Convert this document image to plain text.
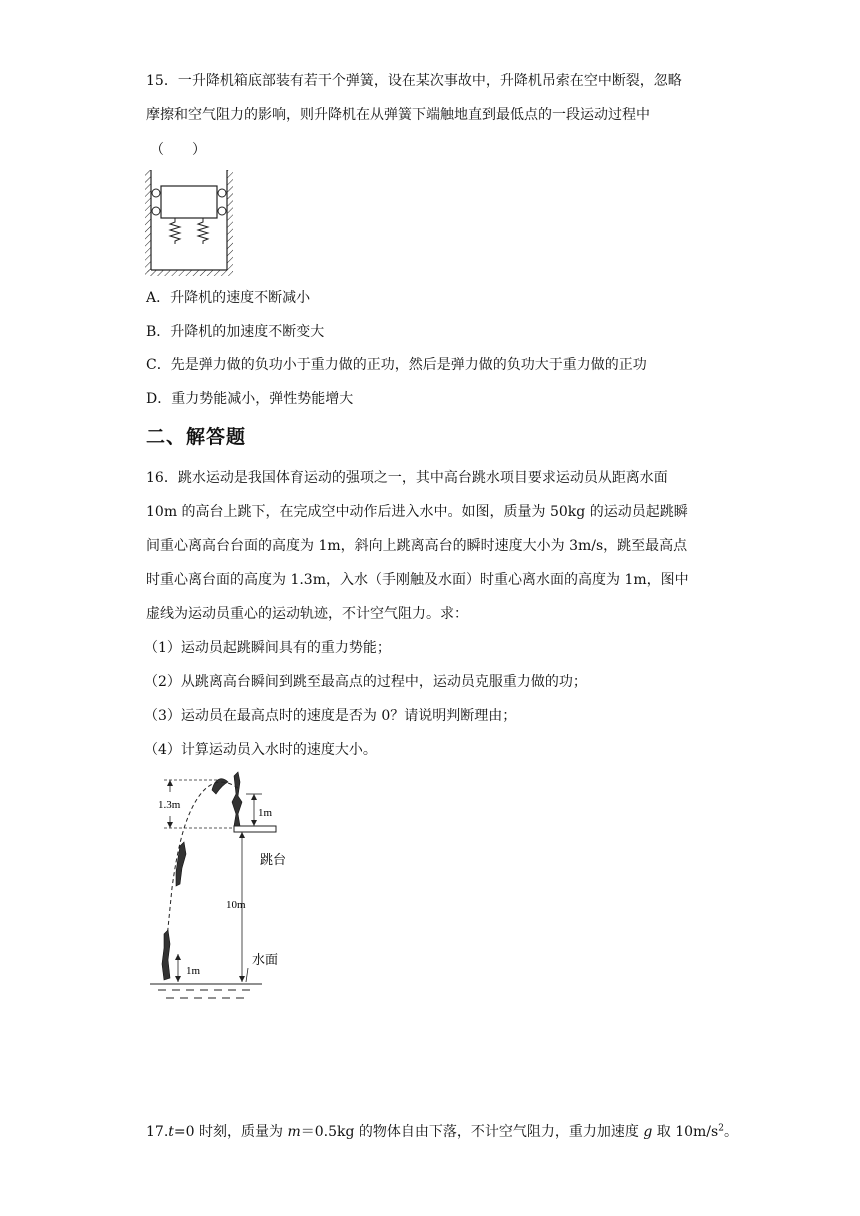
15．一升降机箱底部装有若干个弹簧，设在某次事故中，升降机吊索在空中断裂，忽略
摩擦和空气阻力的影响，则升降机在从弹簧下端触地直到最低点的一段运动过程中
（　　）
A．升降机的速度不断减小
B．升降机的加速度不断变大
C．先是弹力做的负功小于重力做的正功，然后是弹力做的负功大于重力做的正功
D．重力势能减小，弹性势能增大
二、解答题
16．跳水运动是我国体育运动的强项之一，其中高台跳水项目要求运动员从距离水面
10m 的高台上跳下，在完成空中动作后进入水中。如图，质量为 50kg 的运动员起跳瞬
间重心离高台台面的高度为 1m，斜向上跳离高台的瞬时速度大小为 3m/s，跳至最高点
时重心离台面的高度为 1.3m，入水（手刚触及水面）时重心离水面的高度为 1m，图中
虚线为运动员重心的运动轨迹，不计空气阻力。求：
（1）运动员起跳瞬间具有的重力势能；
（2）从跳离高台瞬间到跳至最高点的过程中，运动员克服重力做的功；
（3）运动员在最高点时的速度是否为 0？请说明判断理由；
（4）计算运动员入水时的速度大小。
1.3m
1m
跳台
1m
10m
水面
17.t=0 时刻，质量为 m＝0.5kg 的物体自由下落，不计空气阻力，重力加速度 g 取 $10m/s^2$。
